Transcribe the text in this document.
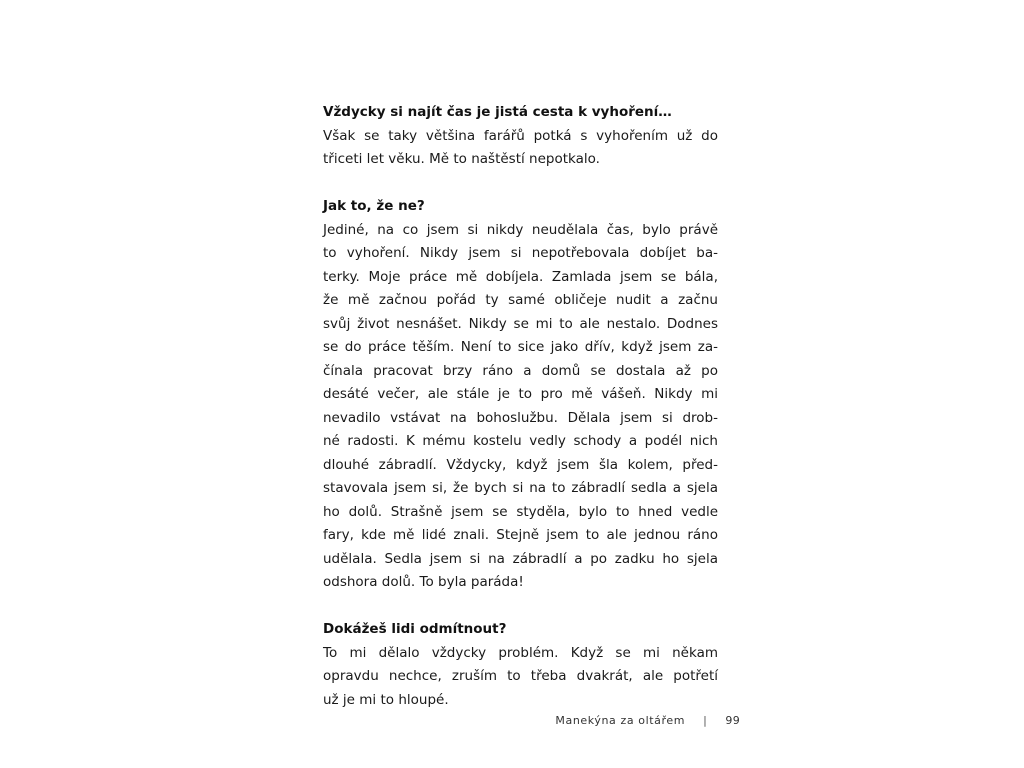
Vždycky si najít čas je jistá cesta k vyhoření…
Však se taky většina farářů potká s vyhořením už do
třiceti let věku. Mě to naštěstí nepotkalo.
Jak to, že ne?
Jediné, na co jsem si nikdy neudělala čas, bylo právě
to vyhoření. Nikdy jsem si nepotřebovala dobíjet ba-
terky. Moje práce mě dobíjela. Zamlada jsem se bála,
že mě začnou pořád ty samé obličeje nudit a začnu
svůj život nesnášet. Nikdy se mi to ale nestalo. Dodnes
se do práce těším. Není to sice jako dřív, když jsem za-
čínala pracovat brzy ráno a domů se dostala až po
desáté večer, ale stále je to pro mě vášeň. Nikdy mi
nevadilo vstávat na bohoslužbu. Dělala jsem si drob-
né radosti. K mému kostelu vedly schody a podél nich
dlouhé zábradlí. Vždycky, když jsem šla kolem, před-
stavovala jsem si, že bych si na to zábradlí sedla a sjela
ho dolů. Strašně jsem se styděla, bylo to hned vedle
fary, kde mě lidé znali. Stejně jsem to ale jednou ráno
udělala. Sedla jsem si na zábradlí a po zadku ho sjela
odshora dolů. To byla paráda!
Dokážeš lidi odmítnout?
To mi dělalo vždycky problém. Když se mi někam
opravdu nechce, zruším to třeba dvakrát, ale potřetí
už je mi to hloupé.
Manekýna za oltářem | 99
